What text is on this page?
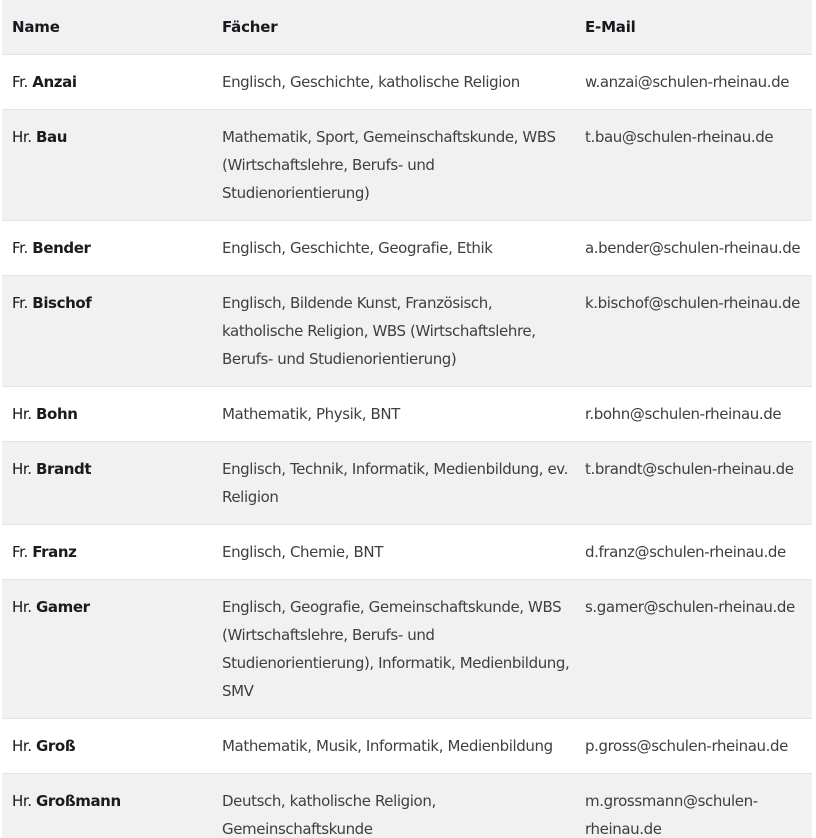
Name	Fächer	E-Mail
Fr. Anzai	Englisch, Geschichte, katholische Religion	w.anzai@schulen-rheinau.de
Hr. Bau	Mathematik, Sport, Gemeinschaftskunde, WBS (Wirtschaftslehre, Berufs- und Studienorientierung)	t.bau@schulen-rheinau.de
Fr. Bender	Englisch, Geschichte, Geografie, Ethik	a.bender@schulen-rheinau.de
Fr. Bischof	Englisch, Bildende Kunst, Französisch, katholische Religion, WBS (Wirtschaftslehre, Berufs- und Studienorientierung)	k.bischof@schulen-rheinau.de
Hr. Bohn	Mathematik, Physik, BNT	r.bohn@schulen-rheinau.de
Hr. Brandt	Englisch, Technik, Informatik, Medienbildung, ev. Religion	t.brandt@schulen-rheinau.de
Fr. Franz	Englisch, Chemie, BNT	d.franz@schulen-rheinau.de
Hr. Gamer	Englisch, Geografie, Gemeinschaftskunde, WBS (Wirtschaftslehre, Berufs- und Studienorientierung), Informatik, Medienbildung, SMV	s.gamer@schulen-rheinau.de
Hr. Groß	Mathematik, Musik, Informatik, Medienbildung	p.gross@schulen-rheinau.de
Hr. Großmann	Deutsch, katholische Religion, Gemeinschaftskunde	m.grossmann@schulen-rheinau.de
